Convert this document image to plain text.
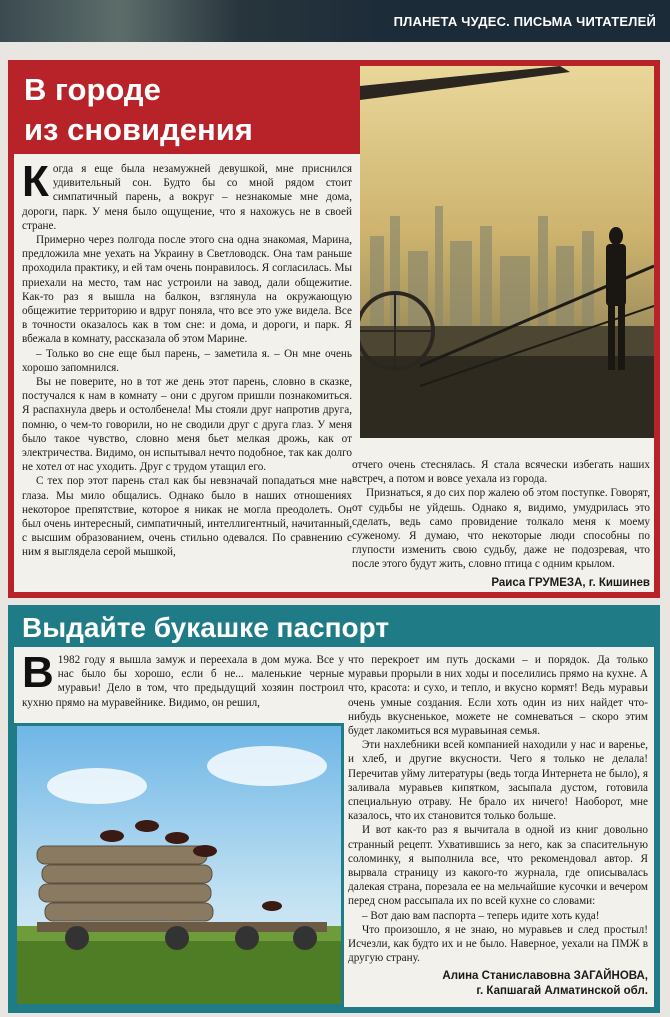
ПЛАНЕТА ЧУДЕС. ПИСЬМА ЧИТАТЕЛЕЙ
В городе
из сновидения

Когда я еще была незамужней девушкой, мне приснился удивительный сон. Будто бы со мной рядом стоит симпатичный парень, а вокруг – незнакомые мне дома, дороги, парк. У меня было ощущение, что я нахожусь не в своей стране.

Примерно через полгода после этого сна одна знакомая, Марина, предложила мне уехать на Украину в Светловодск. Она там раньше проходила практику, и ей там очень понравилось. Я согласилась. Мы приехали на место, там нас устроили на завод, дали общежитие. Как-то раз я вышла на балкон, взглянула на окружающую общежитие территорию и вдруг поняла, что все это уже видела. Все в точности оказалось как в том сне: и дома, и дороги, и парк. Я вбежала в комнату, рассказала об этом Марине.

– Только во сне еще был парень, – заметила я. – Он мне очень хорошо запомнился.

Вы не поверите, но в тот же день этот парень, словно в сказке, постучался к нам в комнату – они с другом пришли познакомиться. Я распахнула дверь и остолбенела! Мы стояли друг напротив друга, помню, о чем-то говорили, но не сводили друг с друга глаз. У меня было такое чувство, словно меня бьет мелкая дрожь, как от электричества. Видимо, он испытывал нечто подобное, так как долго не хотел от нас уходить. Друг с трудом утащил его.

С тех пор этот парень стал как бы невзначай попадаться мне на глаза. Мы мило общались. Однако было в наших отношениях некоторое препятствие, которое я никак не могла преодолеть. Он был очень интересный, симпатичный, интеллигентный, начитанный, с высшим образованием, очень стильно одевался. По сравнению с ним я выглядела серой мышкой,

отчего очень стеснялась. Я стала всячески избегать наших встреч, а потом и вовсе уехала из города.

Признаться, я до сих пор жалею об этом поступке. Говорят, от судьбы не уйдешь. Однако я, видимо, умудрилась это сделать, ведь само провидение толкало меня к моему суженому. Я думаю, что некоторые люди способны по глупости изменить свою судьбу, даже не подозревая, что после этого будут жить, словно птица с одним крылом.

Раиса ГРУМЕЗА, г. Кишинев
Выдайте букашке паспорт

В 1982 году я вышла замуж и переехала в дом мужа. Все у нас было бы хорошо, если б не... маленькие черные муравьи! Дело в том, что предыдущий хозяин построил кухню прямо на муравейнике. Видимо, он решил,

что перекроет им путь досками – и порядок. Да только муравьи прорыли в них ходы и поселились прямо на кухне. А что, красота: и сухо, и тепло, и вкусно кормят! Ведь муравьи очень умные создания. Если хоть один из них найдет что-нибудь вкусненькое, можете не сомневаться – скоро этим будет лакомиться вся муравьиная семья.

Эти нахлебники всей компанией находили у нас и варенье, и хлеб, и другие вкусности. Чего я только не делала! Перечитав уйму литературы (ведь тогда Интернета не было), я заливала муравьев кипятком, засыпала дустом, готовила специальную отраву. Не брало их ничего! Наоборот, мне казалось, что их становится только больше.

И вот как-то раз я вычитала в одной из книг довольно странный рецепт. Ухватившись за него, как за спасительную соломинку, я выполнила все, что рекомендовал автор. Я вырвала страницу из какого-то журнала, где описывалась далекая страна, порезала ее на мельчайшие кусочки и вечером перед сном рассыпала их по всей кухне со словами:

– Вот даю вам паспорта – теперь идите хоть куда!

Что произошло, я не знаю, но муравьев и след простыл! Исчезли, как будто их и не было. Наверное, уехали на ПМЖ в другую страну.

Алина Станиславовна ЗАГАЙНОВА,
г. Капшагай Алматинской обл.
